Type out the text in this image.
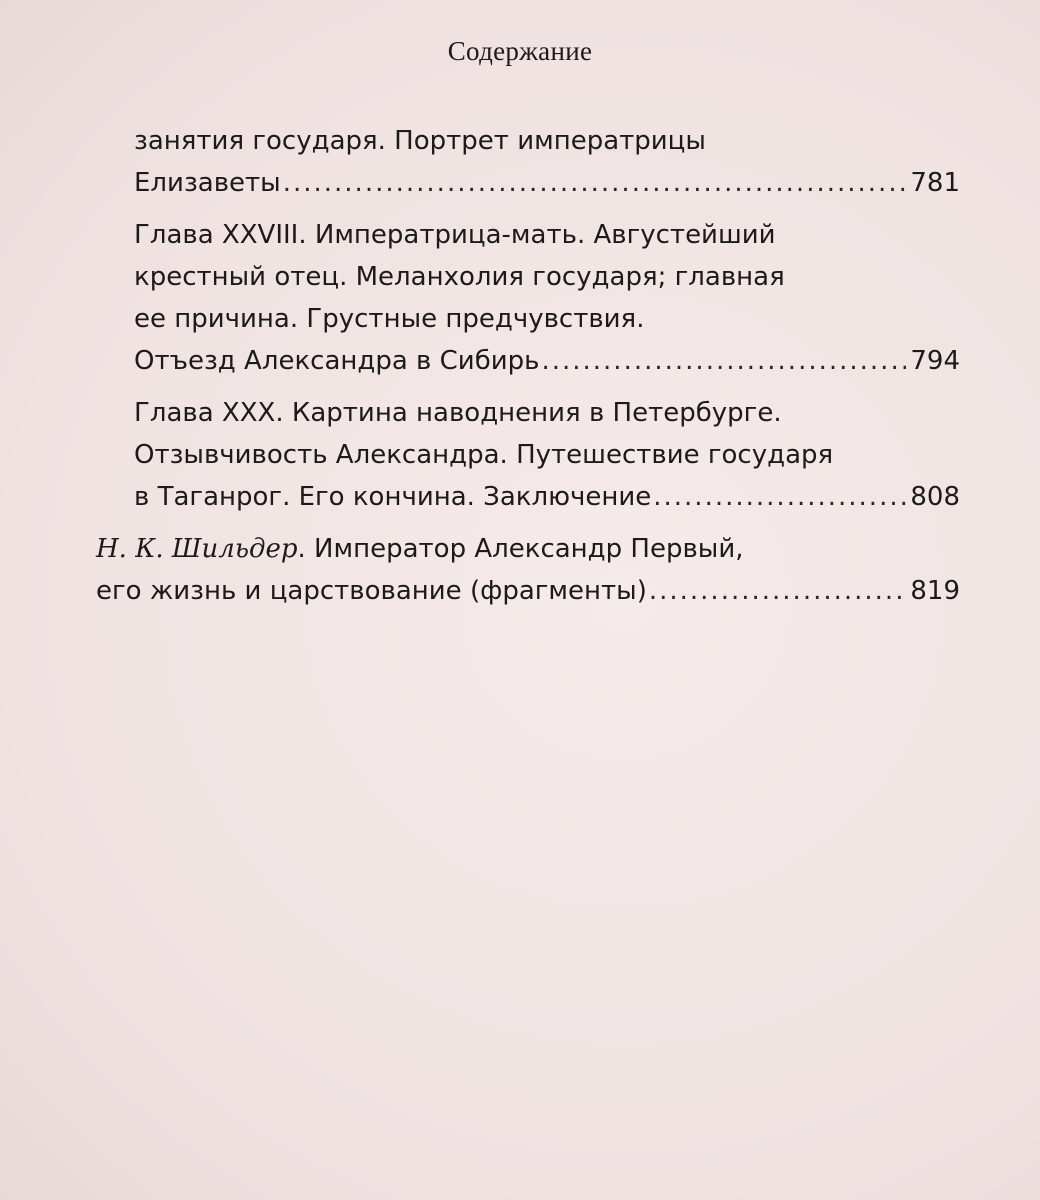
Содержание
занятия государя. Портрет императрицы
Елизаветы .....	781
Глава XXVIII. Императрица-мать. Августейший
крестный отец. Меланхолия государя; главная
ее причина. Грустные предчувствия.
Отъезд Александра в Сибирь .....	794
Глава XXX. Картина наводнения в Петербурге.
Отзывчивость Александра. Путешествие государя
в Таганрог. Его кончина. Заключение .....	808
Н. К. Шильдер. Император Александр Первый,
его жизнь и царствование (фрагменты) .....	819
